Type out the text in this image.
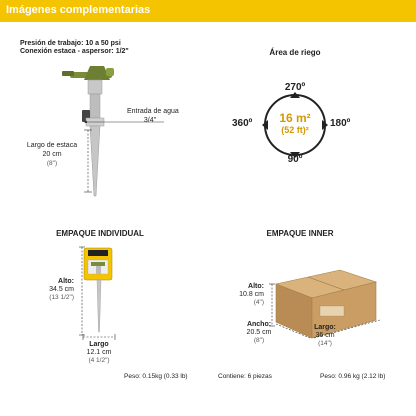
Imágenes complementarias
Presión de trabajo: 10 a 50 psi
Conexión estaca - aspersor: 1/2"
Entrada de agua
3/4"
Largo de estaca
20 cm
(8")
Área de riego
270º
360º	180º
90º
16 m²
(52 ft)²
EMPAQUE INDIVIDUAL
Alto:
34.5 cm
(13 1/2")
Largo
12.1 cm
(4 1/2")
Peso: 0.15kg (0.33 lb)
EMPAQUE INNER
Alto:
10.8 cm
(4")
Ancho:
20.5 cm
(8")
Largo:
36 cm
(14")
Contiene: 6 piezas	Peso: 0.96 kg (2.12 lb)
